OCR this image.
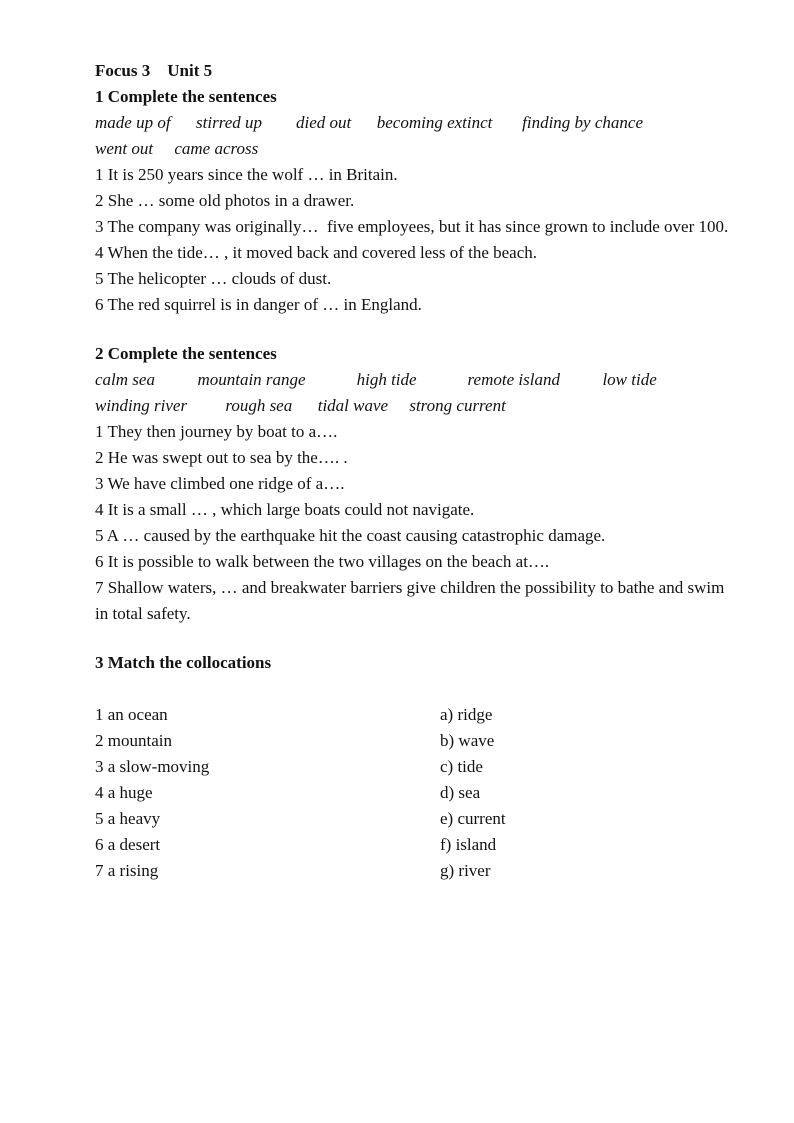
Focus 3    Unit 5

1 Complete the sentences

made up of      stirred up        died out      becoming extinct       finding by chance

went out     came across

1 It is 250 years since the wolf … in Britain.

2 She … some old photos in a drawer.

3 The company was originally…  five employees, but it has since grown to include over 100.

4 When the tide… , it moved back and covered less of the beach.

5 The helicopter … clouds of dust.

6 The red squirrel is in danger of … in England.

2 Complete the sentences

calm sea          mountain range            high tide            remote island          low tide

winding river         rough sea      tidal wave     strong current

1 They then journey by boat to a….

2 He was swept out to sea by the…. .

3 We have climbed one ridge of a….

4 It is a small … , which large boats could not navigate.

5 A … caused by the earthquake hit the coast causing catastrophic damage.

6 It is possible to walk between the two villages on the beach at….

7 Shallow waters, … and breakwater barriers give children the possibility to bathe and swim in total safety.

3 Match the collocations

1 an ocean	a) ridge
2 mountain	b) wave
3 a slow-moving	c) tide
4 a huge	d) sea
5 a heavy	e) current
6 a desert	f) island
7 a rising	g) river
